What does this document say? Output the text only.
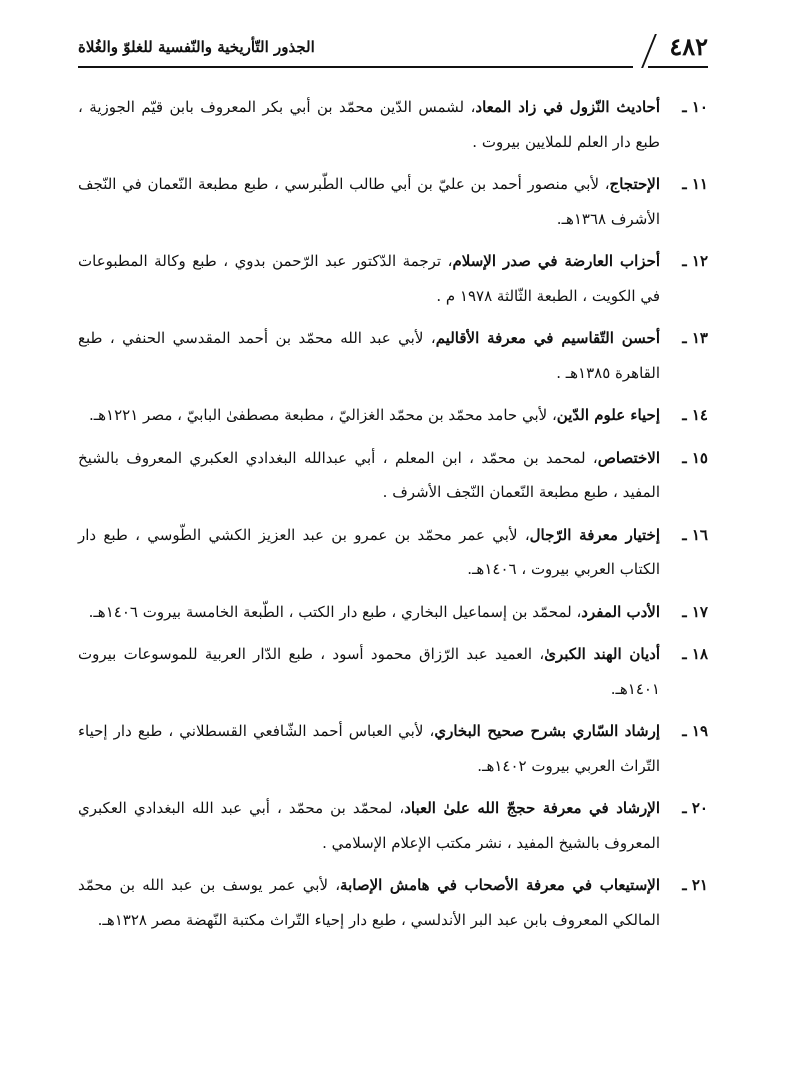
٤٨٢
الجذور التّأريخية والنّفسية للغلوّ والغُلاة

١٠ ـأحاديث النّزول في زاد المعاد، لشمس الدّين محمّد بن أبي بكر المعروف بابن قيّم الجوزية ، طبع دار العلم للملايين بيروت .

١١ ـالإحتجاج، لأبي منصور أحمد بن عليّ بن أبي طالب الطّبرسي ، طبع مطبعة النّعمان في النّجف الأشرف ١٣٦٨هـ.

١٢ ـأحزاب العارضة في صدر الإسلام، ترجمة الدّكتور عبد الرّحمن بدوي ، طبع وكالة المطبوعات في الكويت ، الطبعة الثّالثة ١٩٧٨ م .

١٣ ـأحسن التّقاسيم في معرفة الأقاليم، لأبي عبد الله محمّد بن أحمد المقدسي الحنفي ، طبع القاهرة ١٣٨٥هـ .

١٤ ـإحياء علوم الدّين، لأبي حامد محمّد بن محمّد الغزاليّ ، مطبعة مصطفىٰ البابيّ ، مصر ١٢٢١هـ.

١٥ ـالاختصاص، لمحمد بن محمّد ، ابن المعلم ، أبي عبدالله البغدادي العكبري المعروف بالشيخ المفيد ، طبع مطبعة النّعمان النّجف الأشرف .

١٦ ـإختيار معرفة الرّجال، لأبي عمر محمّد بن عمرو بن عبد العزيز الكشي الطّوسي ، طبع دار الكتاب العربي بيروت ، ١٤٠٦هـ.

١٧ ـالأدب المفرد، لمحمّد بن إسماعيل البخاري ، طبع دار الكتب ، الطّبعة الخامسة بيروت ١٤٠٦هـ.

١٨ ـأديان الهند الكبرىٰ، العميد عبد الرّزاق محمود أسود ، طبع الدّار العربية للموسوعات بيروت ١٤٠١هـ.

١٩ ـإرشاد السّاري بشرح صحيح البخاري، لأبي العباس أحمد الشّافعي القسطلاني ، طبع دار إحياء التّراث العربي بيروت ١٤٠٢هـ.

٢٠ ـالإرشاد في معرفة حججّ الله علىٰ العباد، لمحمّد بن محمّد ، أبي عبد الله البغدادي العكبري المعروف بالشيخ المفيد ، نشر مكتب الإعلام الإسلامي .

٢١ ـالإستيعاب في معرفة الأصحاب في هامش الإصابة، لأبي عمر يوسف بن عبد الله بن محمّد المالكي المعروف بابن عبد البر الأندلسي ، طبع دار إحياء التّراث مكتبة النّهضة مصر ١٣٢٨هـ.
